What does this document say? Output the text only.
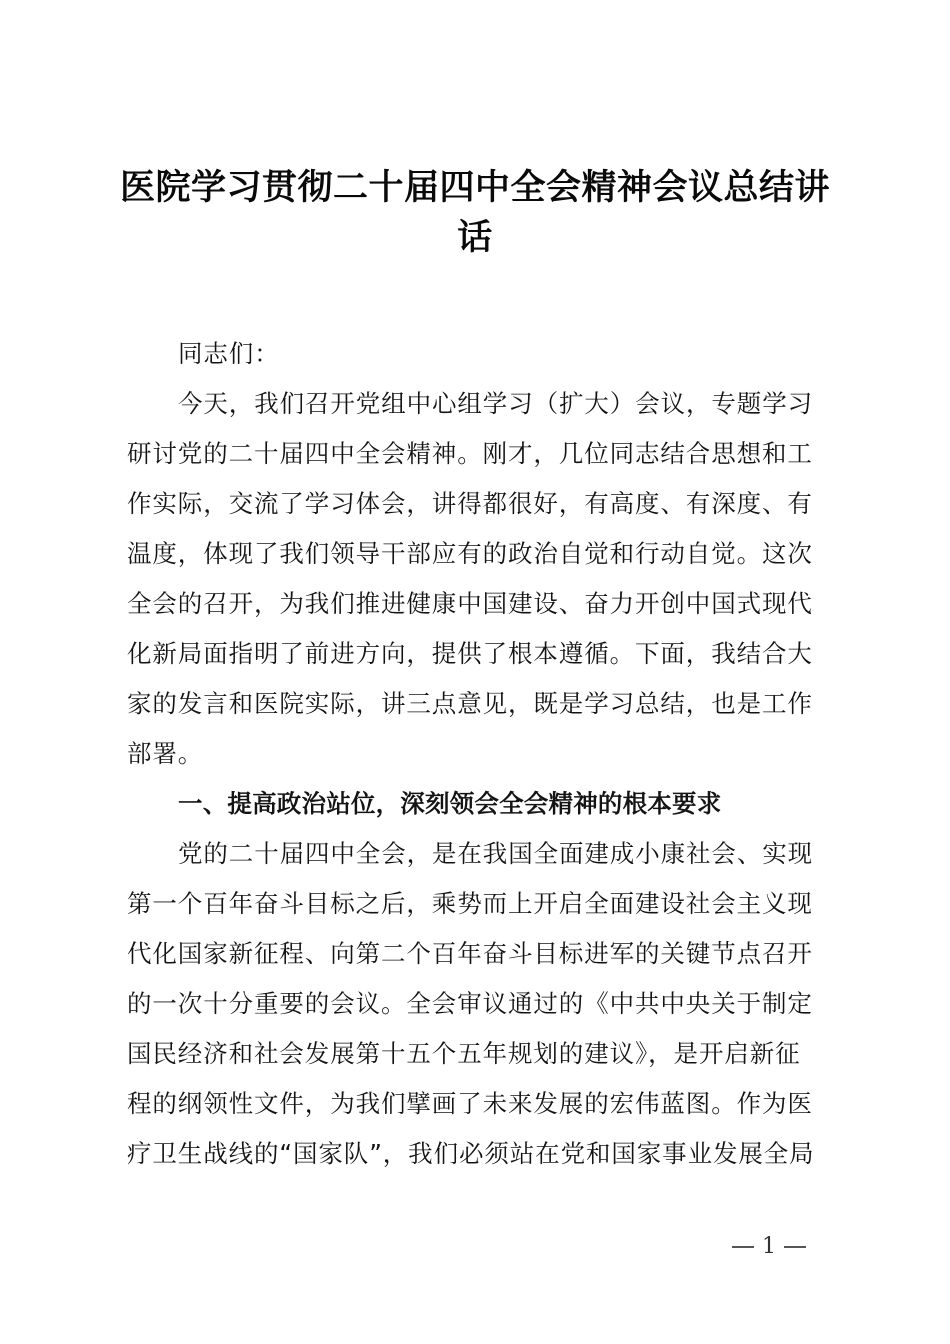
医院学习贯彻二十届四中全会精神会议总结讲
话
同志们：
今天，我们召开党组中心组学习（扩大）会议，专题学习
研讨党的二十届四中全会精神。刚才，几位同志结合思想和工
作实际，交流了学习体会，讲得都很好，有高度、有深度、有
温度，体现了我们领导干部应有的政治自觉和行动自觉。这次
全会的召开，为我们推进健康中国建设、奋力开创中国式现代
化新局面指明了前进方向，提供了根本遵循。下面，我结合大
家的发言和医院实际，讲三点意见，既是学习总结，也是工作
部署。
一、提高政治站位，深刻领会全会精神的根本要求
党的二十届四中全会，是在我国全面建成小康社会、实现
第一个百年奋斗目标之后，乘势而上开启全面建设社会主义现
代化国家新征程、向第二个百年奋斗目标进军的关键节点召开
的一次十分重要的会议。全会审议通过的《中共中央关于制定
国民经济和社会发展第十五个五年规划的建议》，是开启新征
程的纲领性文件，为我们擘画了未来发展的宏伟蓝图。作为医
疗卫生战线的“国家队”，我们必须站在党和国家事业发展全局
1
